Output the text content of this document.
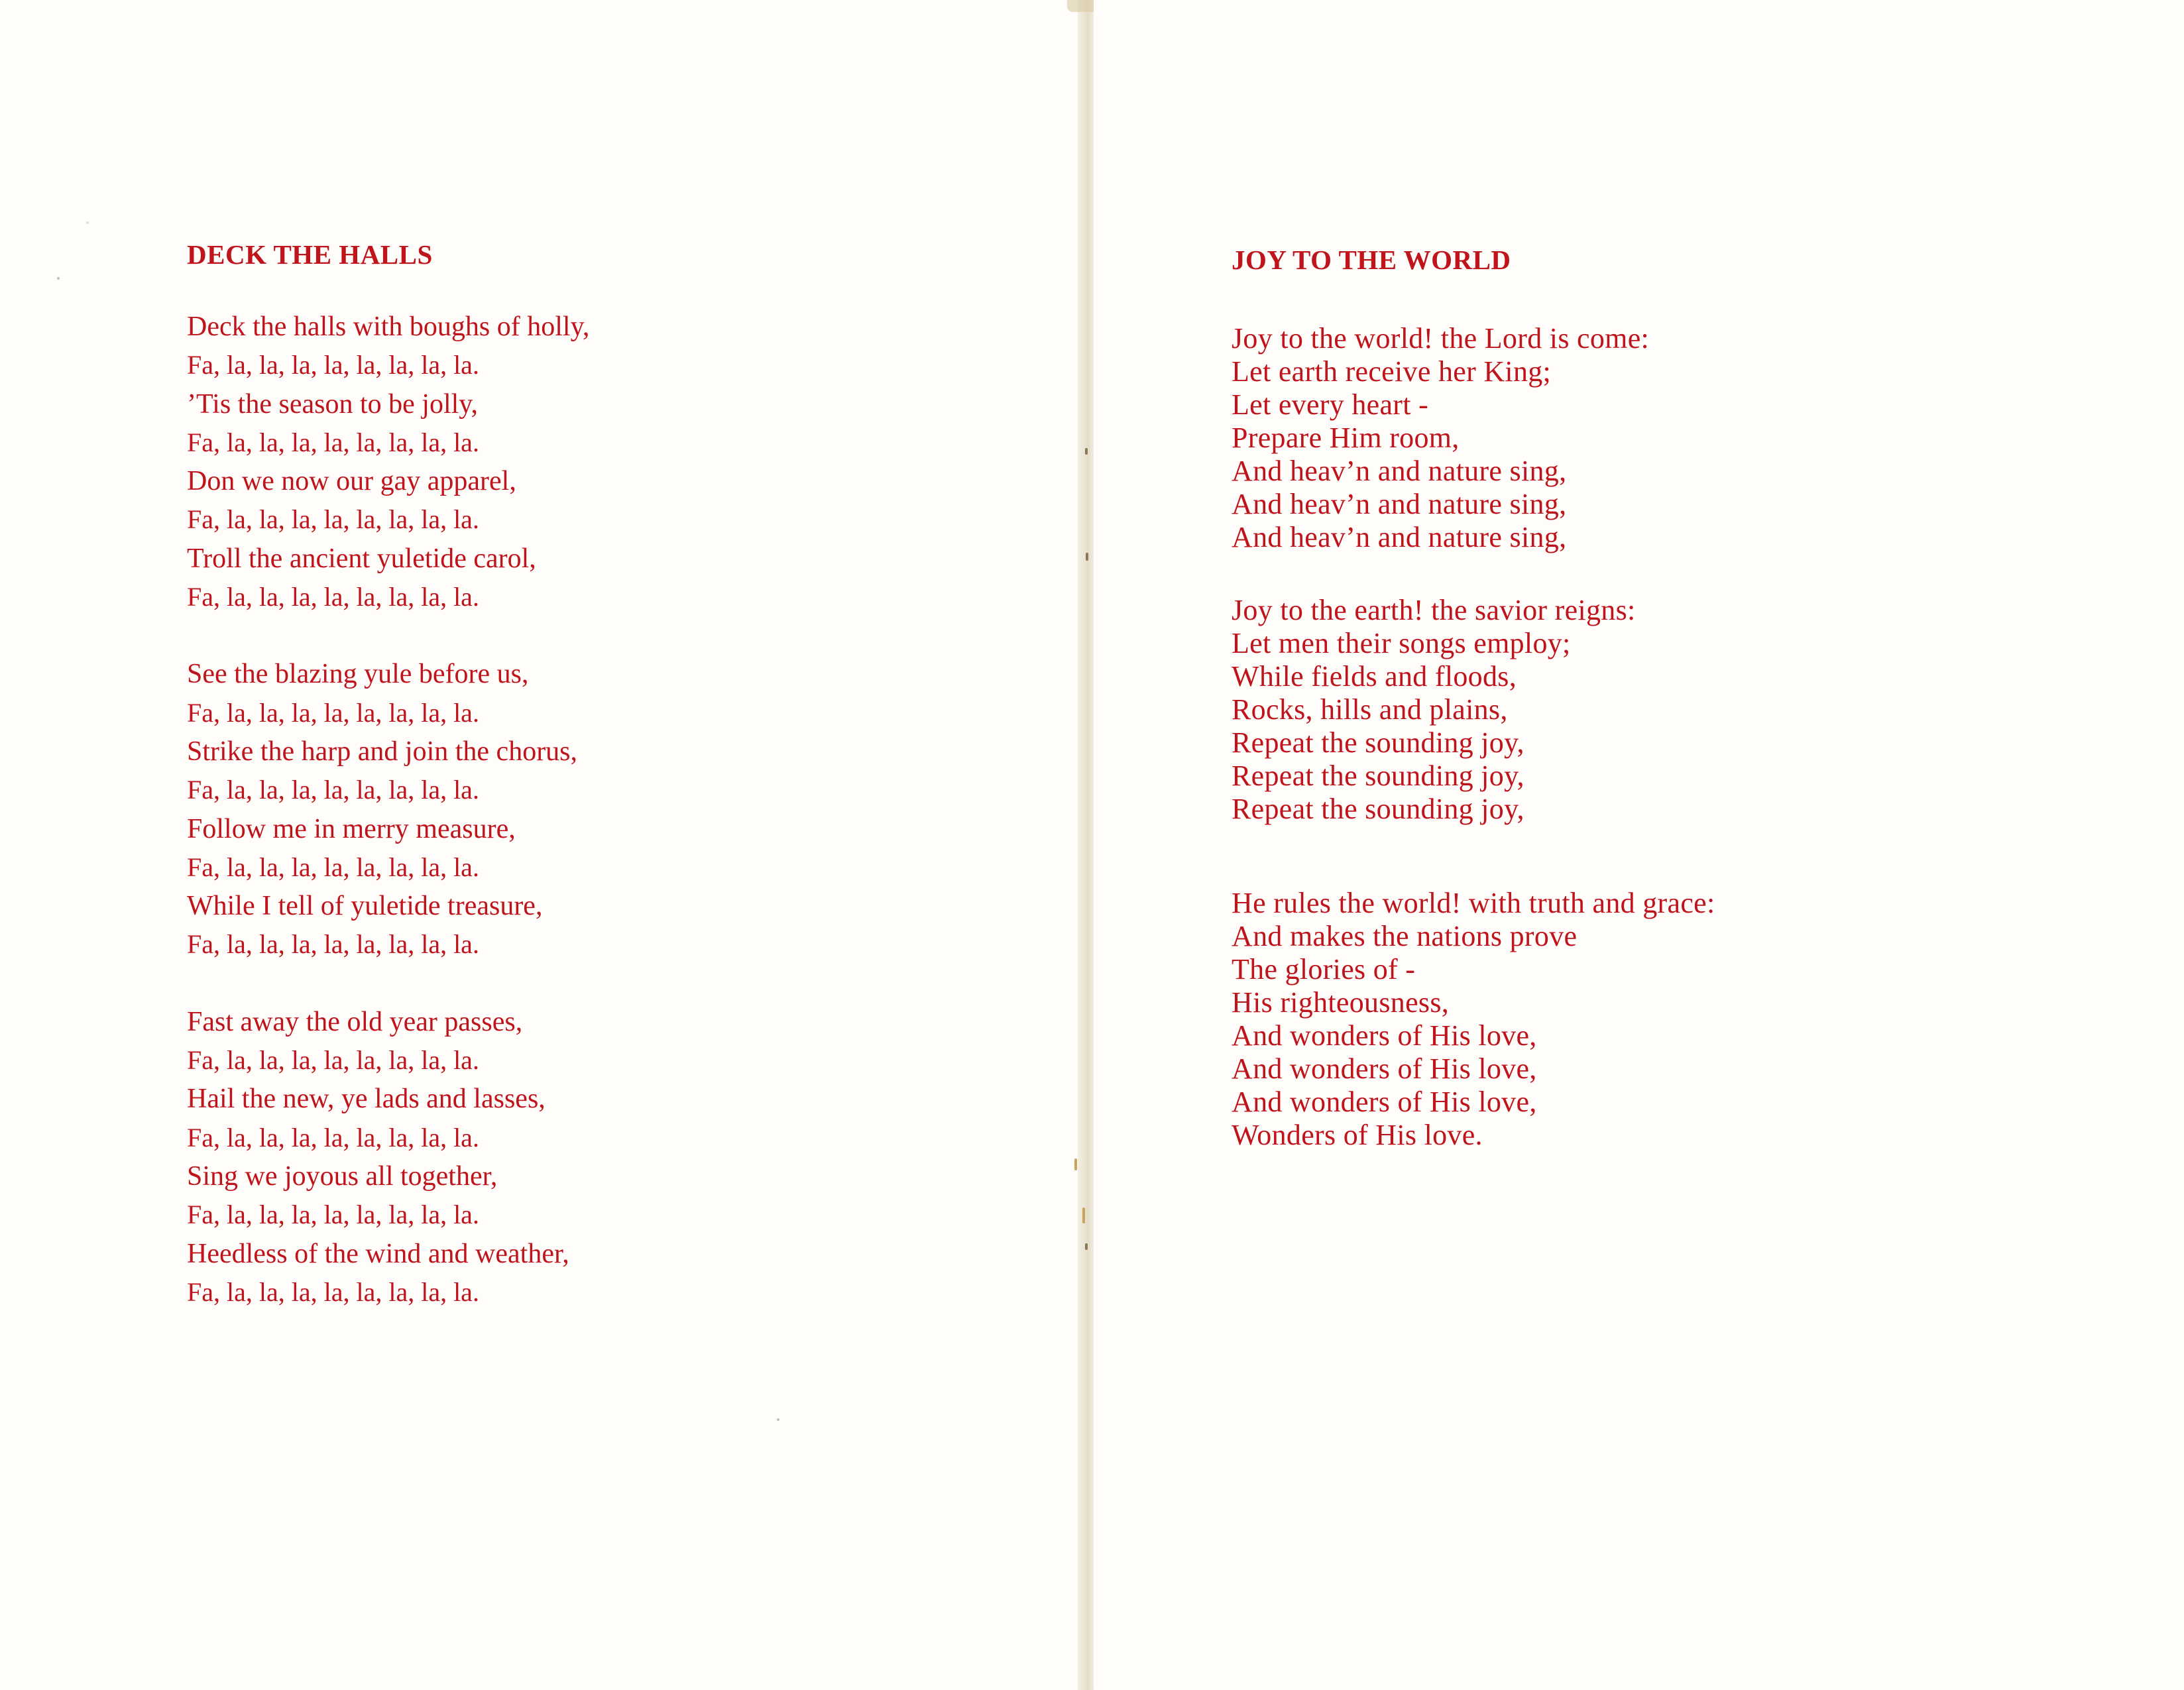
DECK THE HALLS
Deck the halls with boughs of holly,
Fa, la, la, la, la, la, la, la, la.
’Tis the season to be jolly,
Fa, la, la, la, la, la, la, la, la.
Don we now our gay apparel,
Fa, la, la, la, la, la, la, la, la.
Troll the ancient yuletide carol,
Fa, la, la, la, la, la, la, la, la.
See the blazing yule before us,
Fa, la, la, la, la, la, la, la, la.
Strike the harp and join the chorus,
Fa, la, la, la, la, la, la, la, la.
Follow me in merry measure,
Fa, la, la, la, la, la, la, la, la.
While I tell of yuletide treasure,
Fa, la, la, la, la, la, la, la, la.
Fast away the old year passes,
Fa, la, la, la, la, la, la, la, la.
Hail the new, ye lads and lasses,
Fa, la, la, la, la, la, la, la, la.
Sing we joyous all together,
Fa, la, la, la, la, la, la, la, la.
Heedless of the wind and weather,
Fa, la, la, la, la, la, la, la, la.
JOY TO THE WORLD
Joy to the world! the Lord is come:
Let earth receive her King;
Let every heart -
Prepare Him room,
And heav’n and nature sing,
And heav’n and nature sing,
And heav’n and nature sing,
Joy to the earth! the savior reigns:
Let men their songs employ;
While fields and floods,
Rocks, hills and plains,
Repeat the sounding joy,
Repeat the sounding joy,
Repeat the sounding joy,
He rules the world! with truth and grace:
And makes the nations prove
The glories of -
His righteousness,
And wonders of His love,
And wonders of His love,
And wonders of His love,
Wonders of His love.
